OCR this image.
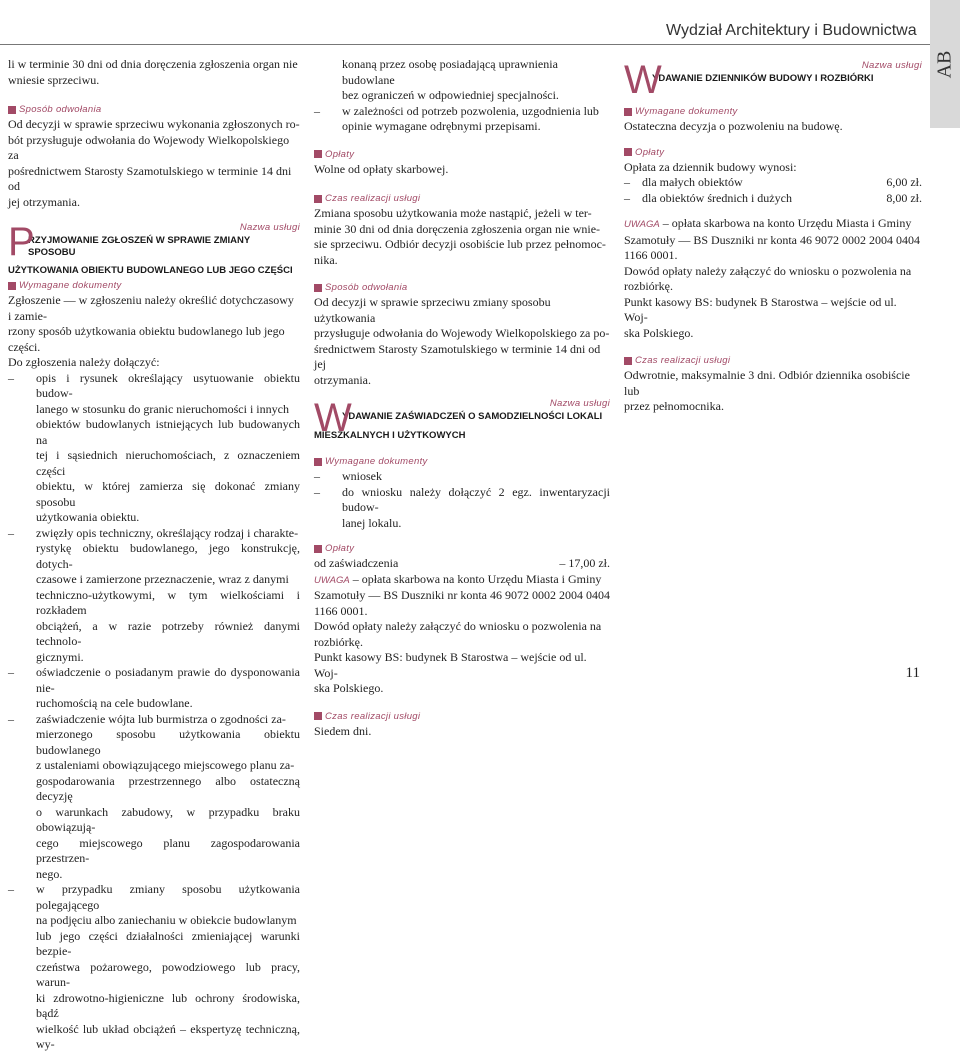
Wydział Architektury i Budownictwa
AB

li w terminie 30 dni od dnia doręczenia zgłoszenia organ nie

wniesie sprzeciwu.

Sposób odwołania

Od decyzji w sprawie sprzeciwu wykonania zgłoszonych ro-

bót przysługuje odwołania do Wojewody Wielkopolskiego za

pośrednictwem Starosty Szamotulskiego w terminie 14 dni od

jej otrzymania.

P	Nazwa usługi
RZYJMOWANIE ZGŁOSZEŃ W SPRAWIE ZMIANY SPOSOBU
UŻYTKOWANIA OBIEKTU BUDOWLANEGO LUB JEGO CZĘŚCI
Wymagane dokumenty

Zgłoszenie — w zgłoszeniu należy określić dotychczasowy i zamie-

rzony sposób użytkowania obiektu budowlanego lub jego części.

Do zgłoszenia należy dołączyć:

– opis i rysunek określający usytuowanie obiektu budow-
lanego w stosunku do granic nieruchomości i innych
obiektów budowlanych istniejących lub budowanych na
tej i sąsiednich nieruchomościach, z oznaczeniem części
obiektu, w której zamierza się dokonać zmiany sposobu
użytkowania obiektu.
– zwięzły opis techniczny, określający rodzaj i charakte-
rystykę obiektu budowlanego, jego konstrukcję, dotych-
czasowe i zamierzone przeznaczenie, wraz z danymi
techniczno-użytkowymi, w tym wielkościami i rozkładem
obciążeń, a w razie potrzeby również danymi technolo-
gicznymi.
– oświadczenie o posiadanym prawie do dysponowania nie-
ruchomością na cele budowlane.
– zaświadczenie wójta lub burmistrza o zgodności za-
mierzonego sposobu użytkowania obiektu budowlanego
z ustaleniami obowiązującego miejscowego planu za-
gospodarowania przestrzennego albo ostateczną decyzję
o warunkach zabudowy, w przypadku braku obowiązują-
cego miejscowego planu zagospodarowania przestrzen-
nego.
– w przypadku zmiany sposobu użytkowania polegającego
na podjęciu albo zaniechaniu w obiekcie budowlanym
lub jego części działalności zmieniającej warunki bezpie-
czeństwa pożarowego, powodziowego lub pracy, warun-
ki zdrowotno-higieniczne lub ochrony środowiska, bądź
wielkość lub układ obciążeń – ekspertyzę techniczną, wy-

konaną przez osobę posiadającą uprawnienia budowlane

bez ograniczeń w odpowiedniej specjalności.

– w zależności od potrzeb pozwolenia, uzgodnienia lub
opinie wymagane odrębnymi przepisami.
Opłaty

Wolne od opłaty skarbowej.

Czas realizacji usługi

Zmiana sposobu użytkowania może nastąpić, jeżeli w ter-

minie 30 dni od dnia doręczenia zgłoszenia organ nie wnie-

sie sprzeciwu. Odbiór decyzji osobiście lub przez pełnomoc-

nika.

Sposób odwołania

Od decyzji w sprawie sprzeciwu zmiany sposobu użytkowania

przysługuje odwołania do Wojewody Wielkopolskiego za po-

średnictwem Starosty Szamotulskiego w terminie 14 dni od jej

otrzymania.

W	Nazwa usługi
YDAWANIE ZAŚWIADCZEŃ O SAMODZIELNOŚCI LOKALI
MIESZKALNYCH I UŻYTKOWYCH
Wymagane dokumenty
– wniosek
– do wniosku należy dołączyć 2 egz. inwentaryzacji budow-
lanej lokalu.
Opłaty
od zaświadczenia	– 17,00 zł.

UWAGA – opłata skarbowa na konto Urzędu Miasta i Gminy

Szamotuły — BS Duszniki nr konta 46 9072 0002 2004 0404

1166 0001.

Dowód opłaty należy załączyć do wniosku o pozwolenia na

rozbiórkę.

Punkt kasowy BS: budynek B Starostwa – wejście od ul. Woj-

ska Polskiego.

Czas realizacji usługi

Siedem dni.

W	Nazwa usługi
YDAWANIE DZIENNIKÓW BUDOWY I ROZBIÓRKI
Wymagane dokumenty

Ostateczna decyzja o pozwoleniu na budowę.

Opłaty

Opłata za dziennik budowy wynosi:

–    dla małych obiektów	6,00 zł.
–    dla obiektów średnich i dużych	8,00 zł.

UWAGA – opłata skarbowa na konto Urzędu Miasta i Gminy

Szamotuły — BS Duszniki nr konta 46 9072 0002 2004 0404

1166 0001.

Dowód opłaty należy załączyć do wniosku o pozwolenia na

rozbiórkę.

Punkt kasowy BS: budynek B Starostwa – wejście od ul. Woj-

ska Polskiego.

Czas realizacji usługi

Odwrotnie, maksymalnie 3 dni. Odbiór dziennika osobiście lub

przez pełnomocnika.

11
